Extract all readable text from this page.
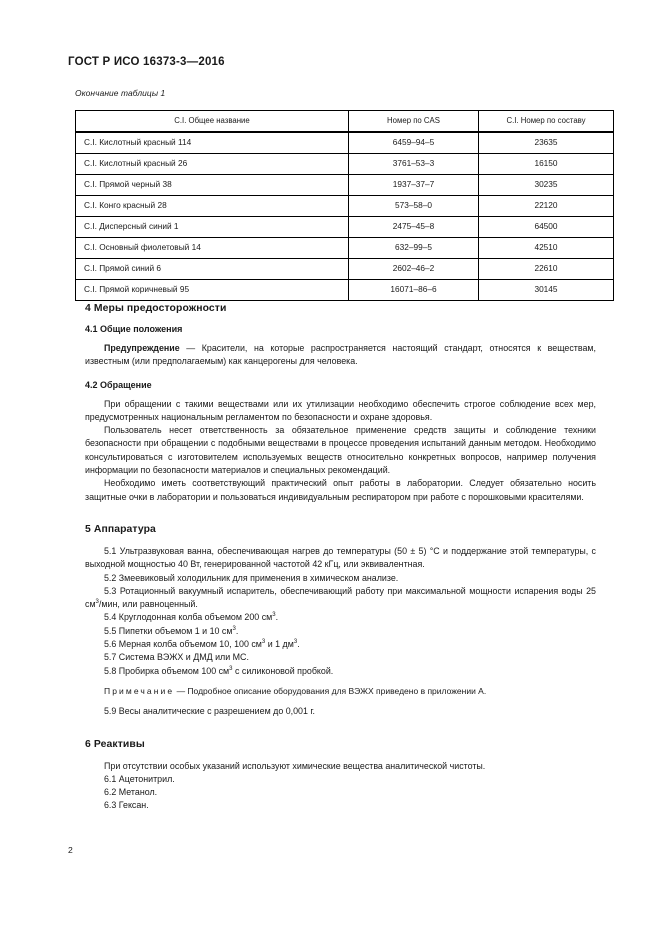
ГОСТ Р ИСО 16373-3—2016
Окончание таблицы 1
C.I. Общее название	Номер по CAS	C.I. Номер по составу
C.I. Кислотный красный 114	6459–94–5	23635
C.I. Кислотный красный 26	3761–53–3	16150
C.I. Прямой черный 38	1937–37–7	30235
C.I. Конго красный 28	573–58–0	22120
C.I. Дисперсный синий 1	2475–45–8	64500
C.I. Основный фиолетовый 14	632–99–5	42510
C.I. Прямой синий 6	2602–46–2	22610
C.I. Прямой коричневый 95	16071–86–6	30145
4 Меры предосторожности
4.1 Общие положения

Предупреждение — Красители, на которые распространяется настоящий стандарт, относятся к веществам, известным (или предполагаемым) как канцерогены для человека.

4.2 Обращение

При обращении с такими веществами или их утилизации необходимо обеспечить строгое соблюдение всех мер, предусмотренных национальным регламентом по безопасности и охране здоровья.

Пользователь несет ответственность за обязательное применение средств защиты и соблюдение техники безопасности при обращении с подобными веществами в процессе проведения испытаний данным методом. Необходимо консультироваться с изготовителем используемых веществ относительно конкретных вопросов, например получения информации по безопасности материалов и специальных рекомендаций.

Необходимо иметь соответствующий практический опыт работы в лаборатории. Следует обязательно носить защитные очки в лаборатории и пользоваться индивидуальным респиратором при работе с порошковыми красителями.

5 Аппаратура

5.1 Ультразвуковая ванна, обеспечивающая нагрев до температуры (50 ± 5) °C и поддержание этой температуры, с выходной мощностью 40 Вт, генерированной частотой 42 кГц, или эквивалентная.

5.2 Змеевиковый холодильник для применения в химическом анализе.

5.3 Ротационный вакуумный испаритель, обеспечивающий работу при максимальной мощности испарения воды 25 $см^3$/мин, или равноценный.

5.4 Круглодонная колба объемом 200 $см^3$.

5.5 Пипетки объемом 1 и 10 $см^3$.

5.6 Мерная колба объемом 10, 100 $см^3$ и 1 $дм^3$.

5.7 Система ВЭЖХ и ДМД или МС.

5.8 Пробирка объемом 100 $см^3$ с силиконовой пробкой.

Примечание — Подробное описание оборудования для ВЭЖХ приведено в приложении А.

5.9 Весы аналитические с разрешением до 0,001 г.

6 Реактивы

При отсутствии особых указаний используют химические вещества аналитической чистоты.

6.1 Ацетонитрил.

6.2 Метанол.

6.3 Гексан.

2
